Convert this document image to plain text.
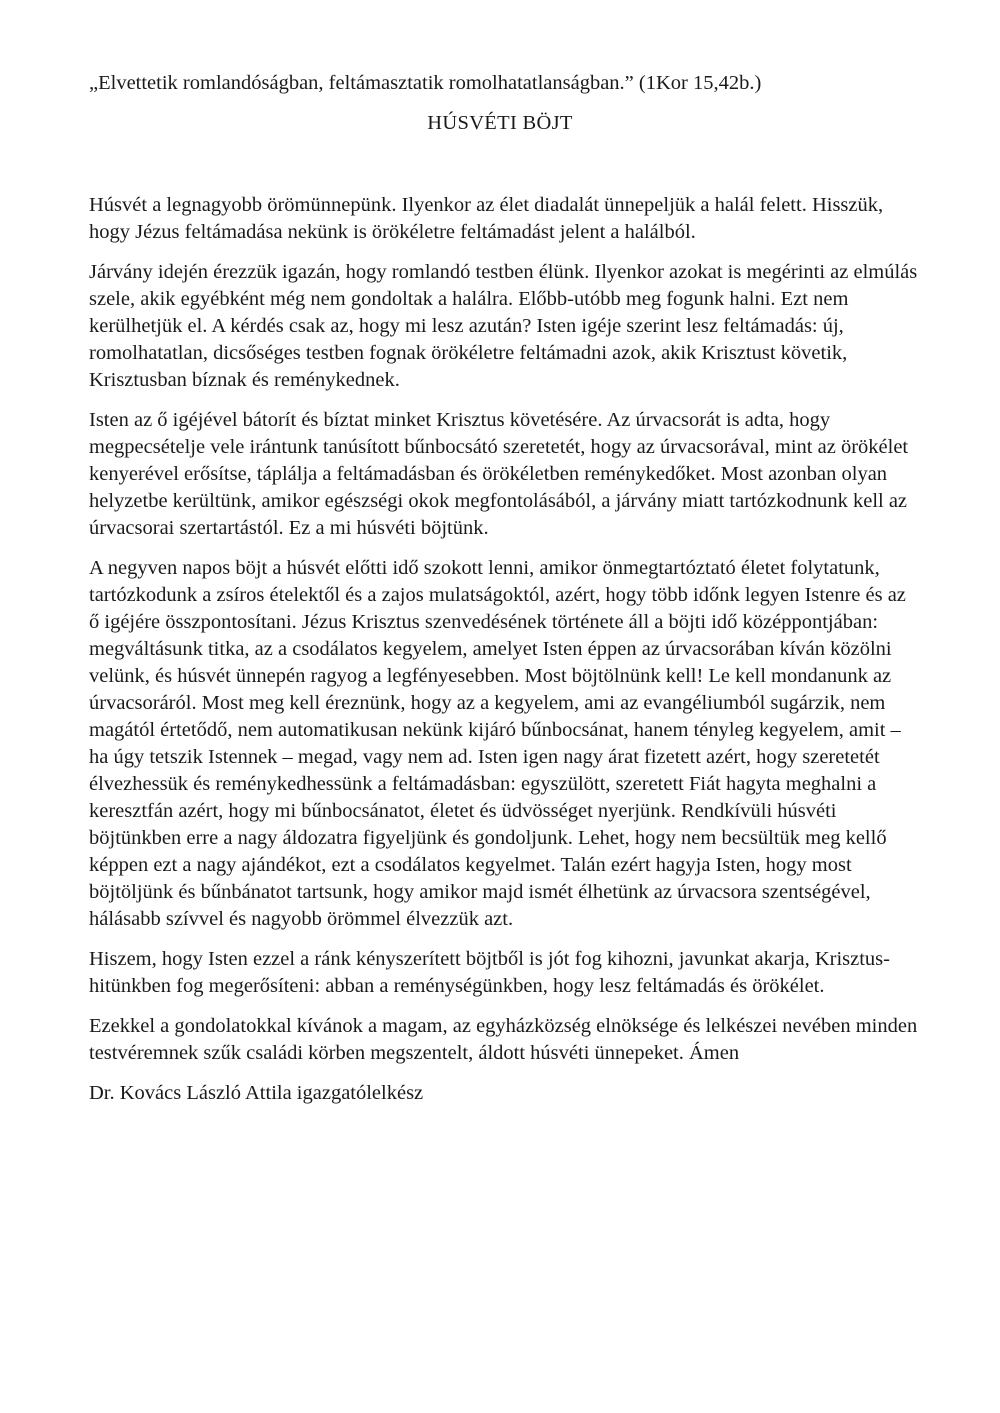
„Elvettetik romlandóságban, feltámasztatik romolhatatlanságban.” (1Kor 15,42b.)

HÚSVÉTI BÖJT

Húsvét a legnagyobb örömünnepünk. Ilyenkor az élet diadalát ünnepeljük a halál felett. Hisszük, hogy Jézus feltámadása nekünk is örökéletre feltámadást jelent a halálból.

Járvány idején érezzük igazán, hogy romlandó testben élünk. Ilyenkor azokat is megérinti az elmúlás szele, akik egyébként még nem gondoltak a halálra. Előbb-utóbb meg fogunk halni. Ezt nem kerülhetjük el. A kérdés csak az, hogy mi lesz azután? Isten igéje szerint lesz feltámadás: új, romolhatatlan, dicsőséges testben fognak örökéletre feltámadni azok, akik Krisztust követik, Krisztusban bíznak és reménykednek.

Isten az ő igéjével bátorít és bíztat minket Krisztus követésére. Az úrvacsorát is adta, hogy megpecsételje vele irántunk tanúsított bűnbocsátó szeretetét, hogy az úrvacsorával, mint az örökélet kenyerével erősítse, táplálja a feltámadásban és örökéletben reménykedőket. Most azonban olyan helyzetbe kerültünk, amikor egészségi okok megfontolásából, a járvány miatt tartózkodnunk kell az úrvacsorai szertartástól. Ez a mi húsvéti böjtünk.

A negyven napos böjt a húsvét előtti idő szokott lenni, amikor önmegtartóztató életet folytatunk, tartózkodunk a zsíros ételektől és a zajos mulatságoktól, azért, hogy több időnk legyen Istenre és az ő igéjére összpontosítani. Jézus Krisztus szenvedésének története áll a böjti idő középpontjában: megváltásunk titka, az a csodálatos kegyelem, amelyet Isten éppen az úrvacsorában kíván közölni velünk, és húsvét ünnepén ragyog a legfényesebben. Most böjtölnünk kell! Le kell mondanunk az úrvacsoráról. Most meg kell éreznünk, hogy az a kegyelem, ami az evangéliumból sugárzik, nem magától értetődő, nem automatikusan nekünk kijáró bűnbocsánat, hanem tényleg kegyelem, amit – ha úgy tetszik Istennek – megad, vagy nem ad. Isten igen nagy árat fizetett azért, hogy szeretetét élvezhessük és reménykedhessünk a feltámadásban: egyszülött, szeretett Fiát hagyta meghalni a keresztfán azért, hogy mi bűnbocsánatot, életet és üdvösséget nyerjünk. Rendkívüli húsvéti böjtünkben erre a nagy áldozatra figyeljünk és gondoljunk. Lehet, hogy nem becsültük meg kellő képpen ezt a nagy ajándékot, ezt a csodálatos kegyelmet. Talán ezért hagyja Isten, hogy most böjtöljünk és bűnbánatot tartsunk, hogy amikor majd ismét élhetünk az úrvacsora szentségével, hálásabb szívvel és nagyobb örömmel élvezzük azt.

Hiszem, hogy Isten ezzel a ránk kényszerített böjtből is jót fog kihozni, javunkat akarja, Krisztus-hitünkben fog megerősíteni: abban a reménységünkben, hogy lesz feltámadás és örökélet.

Ezekkel a gondolatokkal kívánok a magam, az egyházközség elnöksége és lelkészei nevében minden testvéremnek szűk családi körben megszentelt, áldott húsvéti ünnepeket. Ámen

Dr. Kovács László Attila igazgatólelkész
